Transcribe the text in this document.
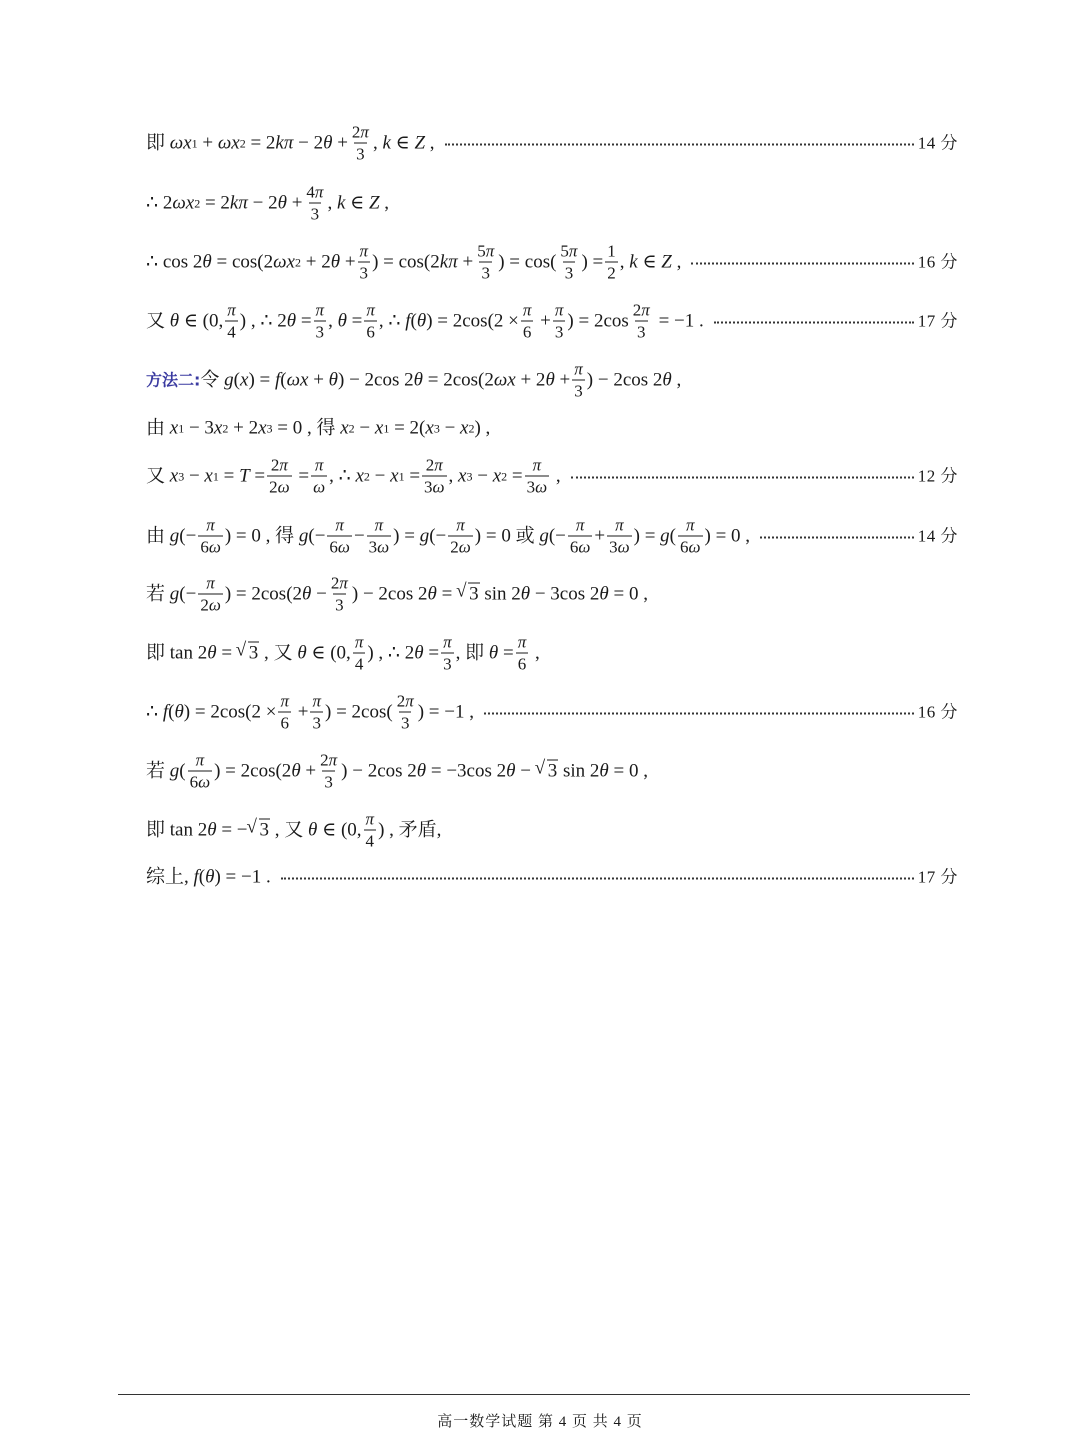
即 ωx 1 + ωx 2 = 2 kπ − 2 $\theta + \frac{2\pi}{3}$ , k ∈ Z ,	14 分
∴ 2 ωx 2 = 2 kπ − 2 $\theta + \frac{4\pi}{3}$ , k ∈ Z ,
∴ cos 2 θ = cos(2 ωx 2 + 2 $\theta + \frac{\pi}{3}$ ) = cos(2 $k\pi + \frac{5\pi}{3}$ ) = $\cos( \frac{5\pi}{3}$ ) = $\frac{1}{2}$ , k ∈ Z ,	16 分
又
θ ∈ (0, $\frac{\pi}{4}$ ) , ∴ 2 $\theta = \frac{\pi}{3}$ , $\theta = \frac{\pi}{6}$ , ∴ f ( θ ) = $2\cos(2 \times \frac{\pi}{6} + \frac{\pi}{3}$ ) = $2\cos \frac{2\pi}{3} = -1$ .	17 分
方法二: 令 g ( x ) = f ( ωx + θ ) − 2cos 2 θ = 2cos(2 ωx + 2 $\theta + \frac{\pi}{3}$ ) − 2cos 2 θ ,
由
x 1 − 3 x 2 + 2 x 3 = 0 , 得 x 2 − x 1 = 2( x 3 − x 2 ) ,
又
x 3 − x $1 = T = \frac{2\pi}{2\omega} = \frac{\pi}{\omega}$ , ∴ x 2 − x $1 = \frac{2\pi}{3\omega}$ , x 3 − x $2 = \frac{\pi}{3\omega}$ ,	12 分
由
g (− $\frac{\pi}{6\omega}$ ) = 0 , 得 g (− $\frac{\pi}{6\omega} - \frac{\pi}{3\omega}$ ) = g (− $\frac{\pi}{2\omega}$ ) = 0 或 g (− $\frac{\pi}{6\omega} + \frac{\pi}{3\omega}$ ) = g ( $\frac{\pi}{6\omega}$ ) = 0 ,	14 分
若
g (− $\frac{\pi}{2\omega}$ ) = 2cos(2 $\theta - \frac{2\pi}{3}$ ) − 2cos 2 θ = √ 3 sin 2 θ − 3cos 2 θ = 0 ,
即 tan 2 θ = √ 3 , 又 θ ∈ (0, $\frac{\pi}{4}$ ) , ∴ 2 $\theta = \frac{\pi}{3}$ , 即 $\theta = \frac{\pi}{6}$ ,
∴
f ( θ ) = $2\cos(2 \times \frac{\pi}{6} + \frac{\pi}{3}$ ) = $2\cos( \frac{2\pi}{3}$ ) = −1 ,	16 分
若
g ( $\frac{\pi}{6\omega}$ ) = 2cos(2 $\theta + \frac{2\pi}{3}$ ) − 2cos 2 θ = −3cos 2 θ − √ 3 sin 2 θ = 0 ,
即 tan 2 θ = − √ 3 , 又 θ ∈ (0, $\frac{\pi}{4}$ ) , 矛盾,
综上,
f ( θ ) = −1 .	17 分
高一数学试题 第 4 页 共 4 页
